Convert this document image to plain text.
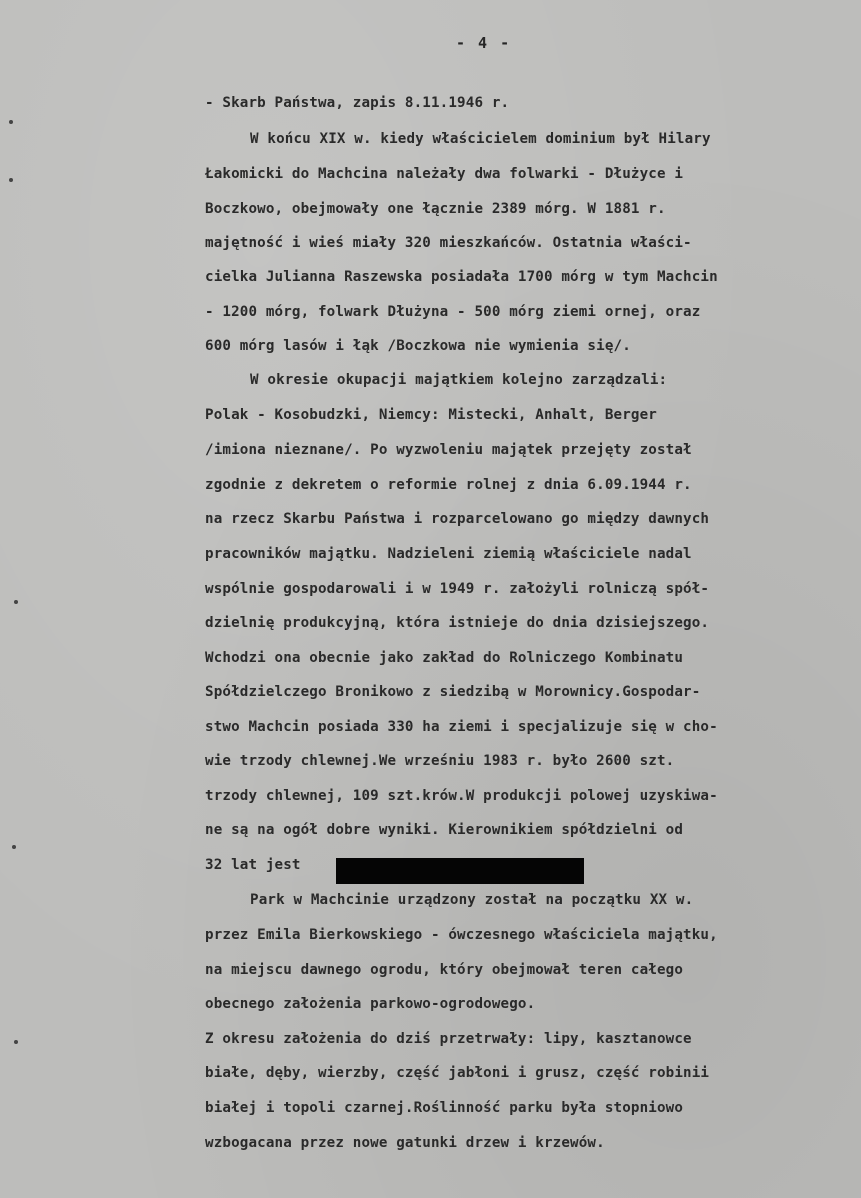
- 4 -
- Skarb Państwa, zapis 8.11.1946 r.
W końcu XIX w. kiedy właścicielem dominium był Hilary
Łakomicki do Machcina należały dwa folwarki - Dłużyce i
Boczkowo, obejmowały one łącznie 2389 mórg. W 1881 r.
majętność i wieś miały 320 mieszkańców. Ostatnia właści-
cielka Julianna Raszewska posiadała 1700 mórg w tym Machcin
- 1200 mórg, folwark Dłużyna - 500 mórg ziemi ornej, oraz
600 mórg lasów i łąk /Boczkowa nie wymienia się/.
W okresie okupacji majątkiem kolejno zarządzali:
Polak - Kosobudzki, Niemcy: Mistecki, Anhalt, Berger
/imiona nieznane/. Po wyzwoleniu majątek przejęty został
zgodnie z dekretem o reformie rolnej z dnia 6.09.1944 r.
na rzecz Skarbu Państwa i rozparcelowano go między dawnych
pracowników majątku. Nadzieleni ziemią właściciele nadal
wspólnie gospodarowali i w 1949 r. założyli rolniczą spół-
dzielnię produkcyjną, która istnieje do dnia dzisiejszego.
Wchodzi ona obecnie jako zakład do Rolniczego Kombinatu
Spółdzielczego Bronikowo z siedzibą w Morownicy.Gospodar-
stwo Machcin posiada 330 ha ziemi i specjalizuje się w cho-
wie trzody chlewnej.We wrześniu 1983 r. było 2600 szt.
trzody chlewnej, 109 szt.krów.W produkcji polowej uzyskiwa-
ne są na ogół dobre wyniki. Kierownikiem spółdzielni od
32 lat jest
Park w Machcinie urządzony został na początku XX w.
przez Emila Bierkowskiego - ówczesnego właściciela majątku,
na miejscu dawnego ogrodu, który obejmował teren całego
obecnego założenia parkowo-ogrodowego.
Z okresu założenia do dziś przetrwały: lipy, kasztanowce
białe, dęby, wierzby, część jabłoni i grusz, część robinii
białej i topoli czarnej.Roślinność parku była stopniowo
wzbogacana przez nowe gatunki drzew i krzewów.
